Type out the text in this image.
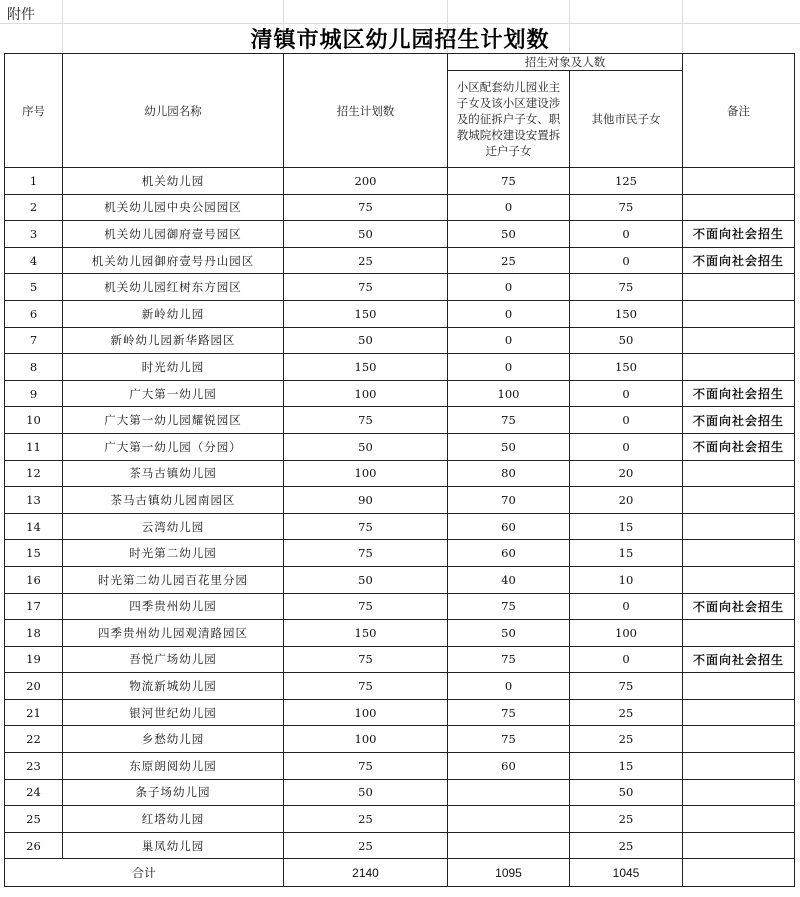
附件
清镇市城区幼儿园招生计划数
序号	幼儿园名称	招生计划数	招生对象及人数		备注
			小区配套幼儿园业主子女及该小区建设涉及的征拆户子女、职教城院校建设安置拆迁户子女	其他市民子女	
1	机关幼儿园	200	75	125	
2	机关幼儿园中央公园园区	75	0	75	
3	机关幼儿园御府壹号园区	50	50	0	不面向社会招生
4	机关幼儿园御府壹号丹山园区	25	25	0	不面向社会招生
5	机关幼儿园红树东方园区	75	0	75	
6	新岭幼儿园	150	0	150	
7	新岭幼儿园新华路园区	50	0	50	
8	时光幼儿园	150	0	150	
9	广大第一幼儿园	100	100	0	不面向社会招生
10	广大第一幼儿园耀锐园区	75	75	0	不面向社会招生
11	广大第一幼儿园（分园）	50	50	0	不面向社会招生
12	茶马古镇幼儿园	100	80	20	
13	茶马古镇幼儿园南园区	90	70	20	
14	云湾幼儿园	75	60	15	
15	时光第二幼儿园	75	60	15	
16	时光第二幼儿园百花里分园	50	40	10	
17	四季贵州幼儿园	75	75	0	不面向社会招生
18	四季贵州幼儿园观清路园区	150	50	100	
19	吾悦广场幼儿园	75	75	0	不面向社会招生
20	物流新城幼儿园	75	0	75	
21	银河世纪幼儿园	100	75	25	
22	乡愁幼儿园	100	75	25	
23	东原朗阅幼儿园	75	60	15	
24	条子场幼儿园	50		50	
25	红塔幼儿园	25		25	
26	巢凤幼儿园	25		25	
合计		2140	1095	1045	
